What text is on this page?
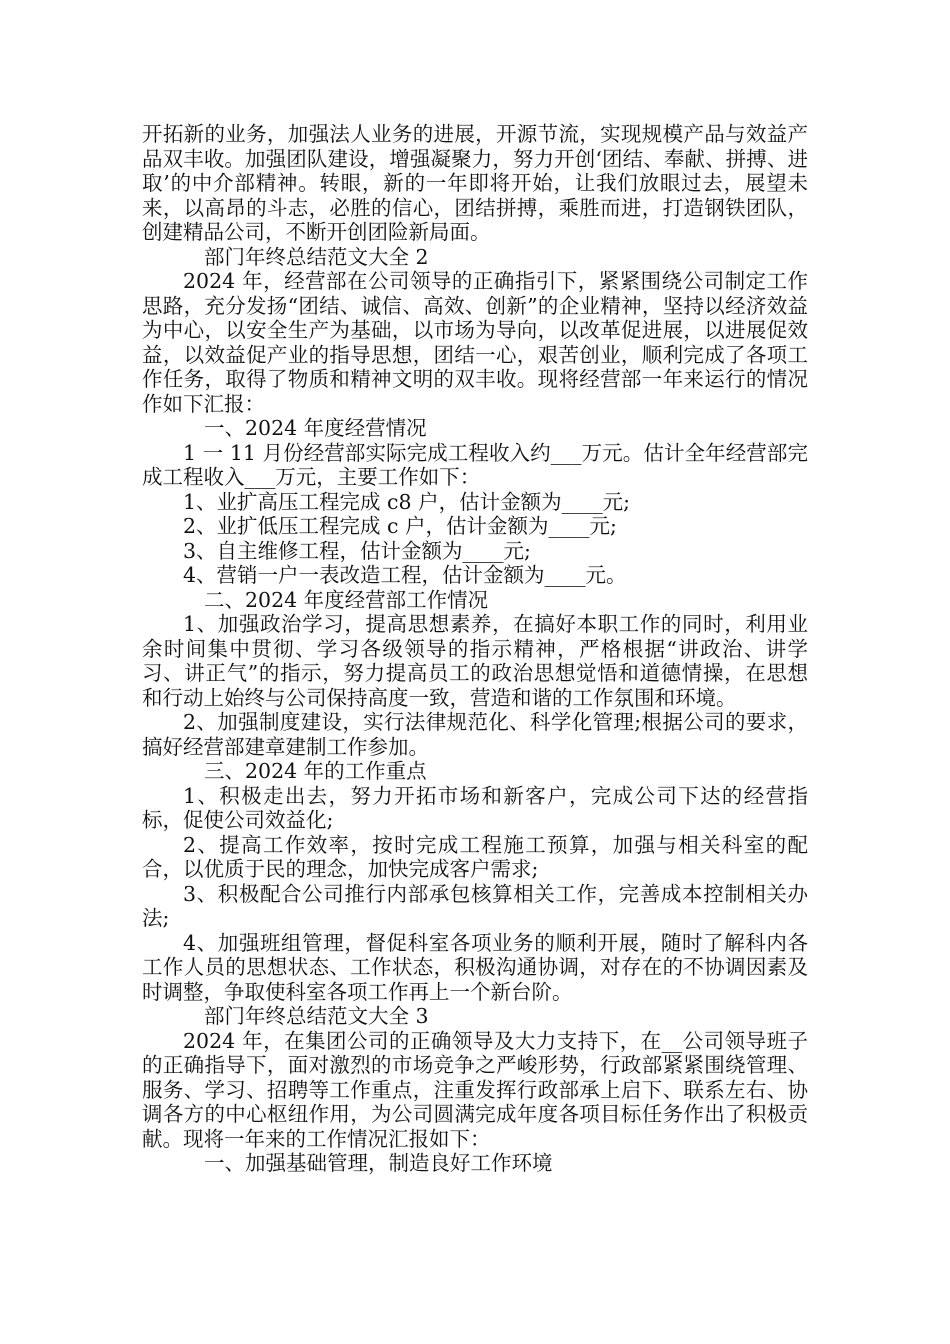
开拓新的业务，加强法人业务的进展，开源节流，实现规模产品与效益产品双丰收。加强团队建设，增强凝聚力，努力开创‘团结、奉献、拼搏、进取’的中介部精神。转眼，新的一年即将开始，让我们放眼过去，展望未来，以高昂的斗志，必胜的信心，团结拼搏，乘胜而进，打造钢铁团队，创建精品公司，不断开创团险新局面。

部门年终总结范文大全 2

2024 年，经营部在公司领导的正确指引下，紧紧围绕公司制定工作思路，充分发扬“团结、诚信、高效、创新”的企业精神，坚持以经济效益为中心，以安全生产为基础，以市场为导向，以改革促进展，以进展促效益，以效益促产业的指导思想，团结一心，艰苦创业，顺利完成了各项工作任务，取得了物质和精神文明的双丰收。现将经营部一年来运行的情况作如下汇报：

一、2024 年度经营情况

1 一 11 月份经营部实际完成工程收入约___万元。估计全年经营部完成工程收入___万元，主要工作如下：

1、业扩高压工程完成 c8 户，估计金额为____元;

2、业扩低压工程完成 c 户，估计金额为____元;

3、自主维修工程，估计金额为____元;

4、营销一户一表改造工程，估计金额为____元。

二、2024 年度经营部工作情况

1、加强政治学习，提高思想素养，在搞好本职工作的同时，利用业余时间集中贯彻、学习各级领导的指示精神，严格根据“讲政治、讲学习、讲正气”的指示，努力提高员工的政治思想觉悟和道德情操，在思想和行动上始终与公司保持高度一致，营造和谐的工作氛围和环境。

2、加强制度建设，实行法律规范化、科学化管理;根据公司的要求，搞好经营部建章建制工作参加。

三、2024 年的工作重点

1、积极走出去，努力开拓市场和新客户，完成公司下达的经营指标，促使公司效益化;

2、提高工作效率，按时完成工程施工预算，加强与相关科室的配合，以优质于民的理念，加快完成客户需求;

3、积极配合公司推行内部承包核算相关工作，完善成本控制相关办法;

4、加强班组管理，督促科室各项业务的顺利开展，随时了解科内各工作人员的思想状态、工作状态，积极沟通协调，对存在的不协调因素及时调整，争取使科室各项工作再上一个新台阶。

部门年终总结范文大全 3

2024 年，在集团公司的正确领导及大力支持下，在__公司领导班子的正确指导下，面对激烈的市场竞争之严峻形势，行政部紧紧围绕管理、服务、学习、招聘等工作重点，注重发挥行政部承上启下、联系左右、协调各方的中心枢纽作用，为公司圆满完成年度各项目标任务作出了积极贡献。现将一年来的工作情况汇报如下：

一、加强基础管理，制造良好工作环境
